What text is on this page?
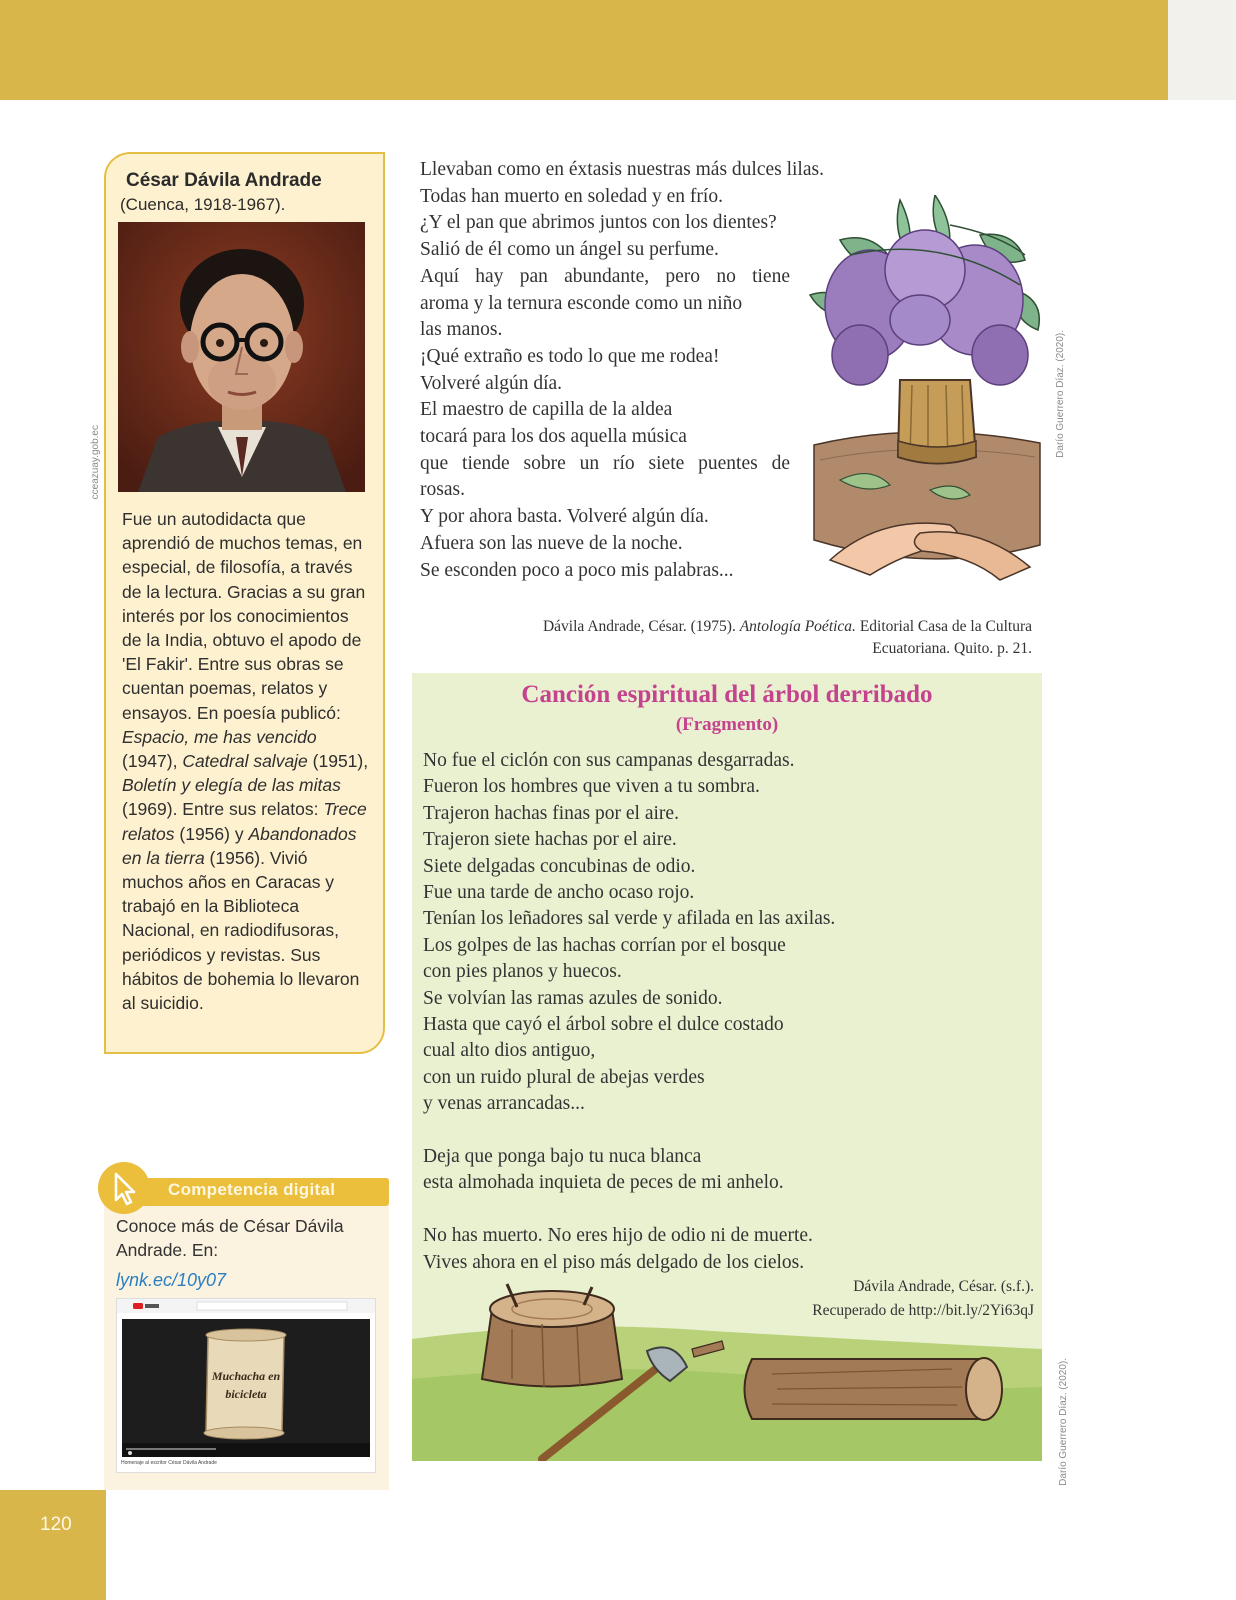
cceazuay.gob.ec
César Dávila Andrade
(Cuenca, 1918-1967).
Fue un autodidacta que aprendió de muchos temas, en especial, de filosofía, a través de la lectura. Gracias a su gran interés por los conocimientos de la India, obtuvo el apodo de 'El Fakir'. Entre sus obras se cuentan poemas, relatos y ensayos. En poesía publicó: Espacio, me has vencido (1947), Catedral salvaje (1951), Boletín y elegía de las mitas (1969). Entre sus relatos: Trece relatos (1956) y Abandonados en la tierra (1956). Vivió muchos años en Caracas y trabajó en la Biblioteca Nacional, en radiodifusoras, periódicos y revistas. Sus hábitos de bohemia lo llevaron al suicidio.
Competencia digital
Conoce más de César Dávila Andrade. En:
lynk.ec/10y07
Muchacha en bicicleta
Homenaje al escritor César Dávila Andrade
120
Llevaban como en éxtasis nuestras más dulces lilas.
Todas han muerto en soledad y en frío.
¿Y el pan que abrimos juntos con los dientes?
Salió de él como un ángel su perfume.
Aquí hay pan abundante, pero no tiene
aroma y la ternura esconde como un niño
las manos.
¡Qué extraño es todo lo que me rodea!
Volveré algún día.
El maestro de capilla de la aldea
tocará para los dos aquella música
que tiende sobre un río siete puentes de
rosas.
Y por ahora basta. Volveré algún día.
Afuera son las nueve de la noche.
Se esconden poco a poco mis palabras...
Darío Guerrero Díaz. (2020).
Dávila Andrade, César. (1975). Antología Poética. Editorial Casa de la Cultura
Ecuatoriana. Quito. p. 21.
Canción espiritual del árbol derribado
(Fragmento)
No fue el ciclón con sus campanas desgarradas.
Fueron los hombres que viven a tu sombra.
Trajeron hachas finas por el aire.
Trajeron siete hachas por el aire.
Siete delgadas concubinas de odio.
Fue una tarde de ancho ocaso rojo.
Tenían los leñadores sal verde y afilada en las axilas.
Los golpes de las hachas corrían por el bosque
con pies planos y huecos.
Se volvían las ramas azules de sonido.
Hasta que cayó el árbol sobre el dulce costado
cual alto dios antiguo,
con un ruido plural de abejas verdes
y venas arrancadas...
Deja que ponga bajo tu nuca blanca
esta almohada inquieta de peces de mi anhelo.
No has muerto. No eres hijo de odio ni de muerte.
Vives ahora en el piso más delgado de los cielos.
Dávila Andrade, César. (s.f.).
Recuperado de http://bit.ly/2Yi63qJ
Darío Guerrero Díaz. (2020).
